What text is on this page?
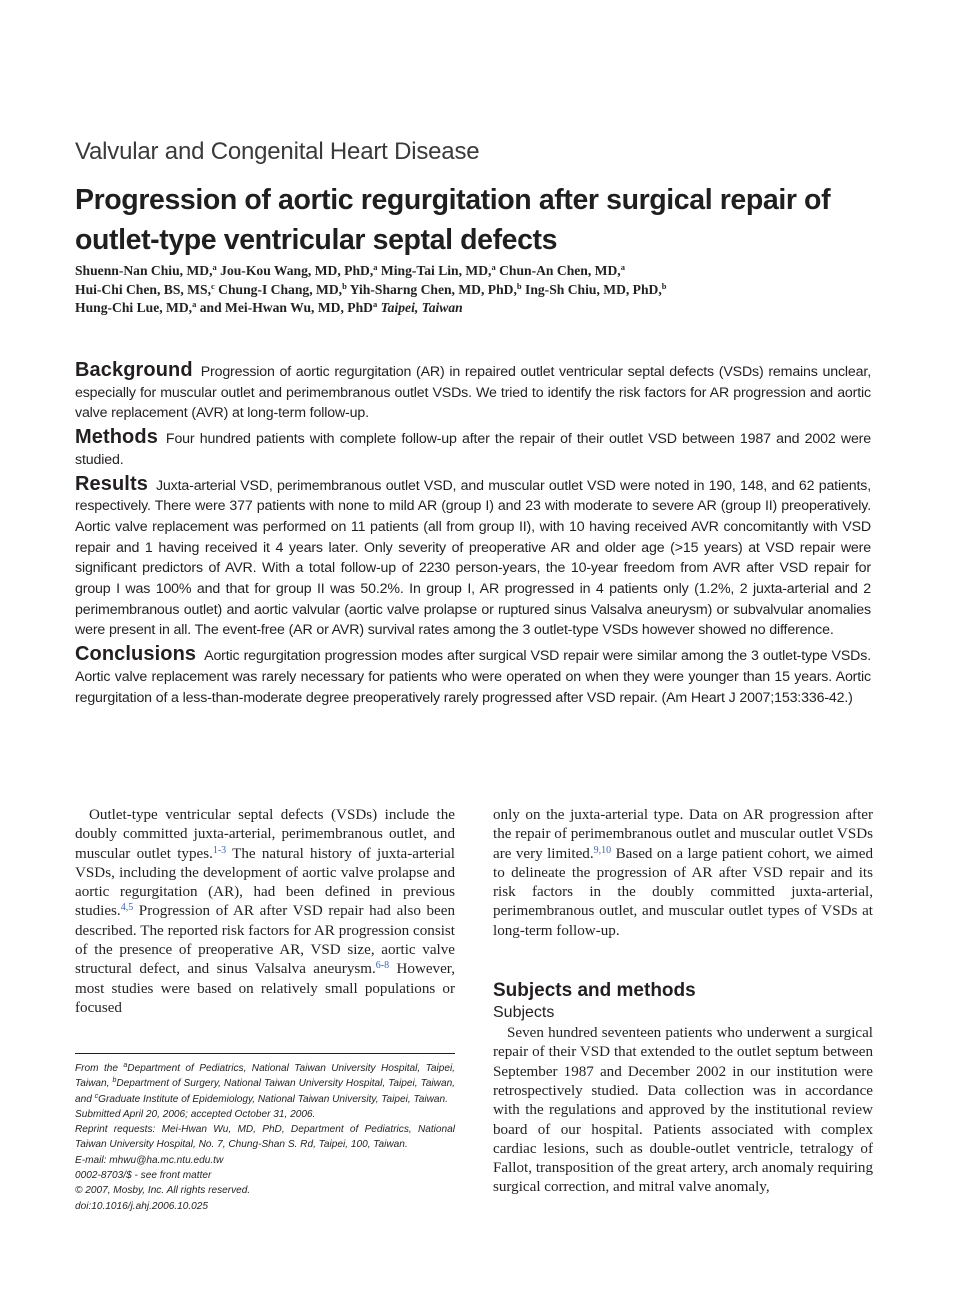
Valvular and Congenital Heart Disease
Progression of aortic regurgitation after surgical repair of outlet-type ventricular septal defects
Shuenn-Nan Chiu, MD,$^a$ Jou-Kou Wang, MD, PhD,$^a$ Ming-Tai Lin, MD,$^a$ Chun-An Chen, MD,$^a$
Hui-Chi Chen, BS, MS,$^c$ Chung-I Chang, MD,$^b$ Yih-Sharng Chen, MD, PhD,$^b$ Ing-Sh Chiu, MD, PhD,$^b$
Hung-Chi Lue, MD,$^a$ and Mei-Hwan Wu, MD, PhD$^a$ Taipei, Taiwan
Background Progression of aortic regurgitation (AR) in repaired outlet ventricular septal defects (VSDs) remains unclear, especially for muscular outlet and perimembranous outlet VSDs. We tried to identify the risk factors for AR progression and aortic valve replacement (AVR) at long-term follow-up.
Methods Four hundred patients with complete follow-up after the repair of their outlet VSD between 1987 and 2002 were studied.
Results Juxta-arterial VSD, perimembranous outlet VSD, and muscular outlet VSD were noted in 190, 148, and 62 patients, respectively. There were 377 patients with none to mild AR (group I) and 23 with moderate to severe AR (group II) preoperatively. Aortic valve replacement was performed on 11 patients (all from group II), with 10 having received AVR concomitantly with VSD repair and 1 having received it 4 years later. Only severity of preoperative AR and older age (>15 years) at VSD repair were significant predictors of AVR. With a total follow-up of 2230 person-years, the 10-year freedom from AVR after VSD repair for group I was 100% and that for group II was 50.2%. In group I, AR progressed in 4 patients only (1.2%, 2 juxta-arterial and 2 perimembranous outlet) and aortic valvular (aortic valve prolapse or ruptured sinus Valsalva aneurysm) or subvalvular anomalies were present in all. The event-free (AR or AVR) survival rates among the 3 outlet-type VSDs however showed no difference.
Conclusions Aortic regurgitation progression modes after surgical VSD repair were similar among the 3 outlet-type VSDs. Aortic valve replacement was rarely necessary for patients who were operated on when they were younger than 15 years. Aortic regurgitation of a less-than-moderate degree preoperatively rarely progressed after VSD repair. (Am Heart J 2007;153:336-42.)

Outlet-type ventricular septal defects (VSDs) include the doubly committed juxta-arterial, perimembranous outlet, and muscular outlet types.$^{1-3}$ The natural history of juxta-arterial VSDs, including the development of aortic valve prolapse and aortic regurgitation (AR), had been defined in previous studies.$^{4,5}$ Progression of AR after VSD repair had also been described. The reported risk factors for AR progression consist of the presence of preoperative AR, VSD size, aortic valve structural defect, and sinus Valsalva aneurysm.$^{6-8}$ However, most studies were based on relatively small populations or focused

only on the juxta-arterial type. Data on AR progression after the repair of perimembranous outlet and muscular outlet VSDs are very limited.$^{9,10}$ Based on a large patient cohort, we aimed to delineate the progression of AR after VSD repair and its risk factors in the doubly committed juxta-arterial, perimembranous outlet, and muscular outlet types of VSDs at long-term follow-up.

Subjects and methods
Subjects

Seven hundred seventeen patients who underwent a surgical repair of their VSD that extended to the outlet septum between September 1987 and December 2002 in our institution were retrospectively studied. Data collection was in accordance with the regulations and approved by the institutional review board of our hospital. Patients associated with complex cardiac lesions, such as double-outlet ventricle, tetralogy of Fallot, transposition of the great artery, arch anomaly requiring surgical correction, and mitral valve anomaly,

From the $^a$Department of Pediatrics, National Taiwan University Hospital, Taipei, Taiwan, $^b$Department of Surgery, National Taiwan University Hospital, Taipei, Taiwan, and $^c$Graduate Institute of Epidemiology, National Taiwan University, Taipei, Taiwan.
Submitted April 20, 2006; accepted October 31, 2006.
Reprint requests: Mei-Hwan Wu, MD, PhD, Department of Pediatrics, National Taiwan University Hospital, No. 7, Chung-Shan S. Rd, Taipei, 100, Taiwan.
E-mail: mhwu@ha.mc.ntu.edu.tw
0002-8703/$ - see front matter
© 2007, Mosby, Inc. All rights reserved.
doi:10.1016/j.ahj.2006.10.025
